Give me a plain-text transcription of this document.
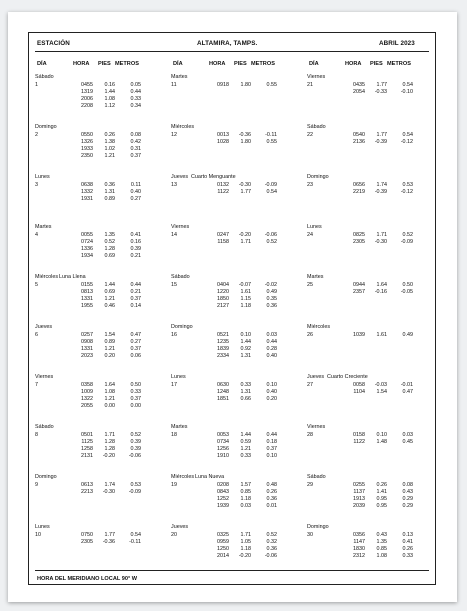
ESTACIÓN	ALTAMIRA, TAMPS.	ABRIL 2023
DÍA	HORA PIES METROS
Sábado
1	0455	0.16	0.05
1319	1.44	0.44
2006	1.08	0.33
2208	1.12	0.34
Domingo
2	0550	0.26	0.08
1326	1.38	0.42
1933	1.02	0.31
2350	1.21	0.37
Lunes
3	0638	0.36	0.11
1332	1.31	0.40
1931	0.89	0.27
Martes
4	0055	1.35	0.41
0724	0.52	0.16
1336	1.28	0.39
1934	0.69	0.21
Miércoles
5
Luna Llena
0155	1.44	0.44
0813	0.69	0.21
1331	1.21	0.37
1955	0.46	0.14
Jueves
6	0257	1.54	0.47
0908	0.89	0.27
1331	1.21	0.37
2023	0.20	0.06
Viernes
7	0358	1.64	0.50
1009	1.08	0.33
1322	1.21	0.37
2055	0.00	0.00
Sábado
8	0501	1.71	0.52
1125	1.28	0.39
1258	1.28	0.39
2131	-0.20	-0.06
Domingo
9	0613	1.74	0.53
2213	-0.30	-0.09
Lunes
10	0750	1.77	0.54
2305	-0.36	-0.11
DÍA	HORA PIES METROS
Martes
11	0918	1.80	0.55
Miércoles
12	0013	-0.36	-0.11
1028	1.80	0.55
Jueves
13
Cuarto Menguante
0132	-0.30	-0.09
1122	1.77	0.54
Viernes
14	0247	-0.20	-0.06
1158	1.71	0.52
Sábado
15	0404	-0.07	-0.02
1220	1.61	0.49
1850	1.15	0.35
2127	1.18	0.36
Domingo
16	0521	0.10	0.03
1235	1.44	0.44
1839	0.92	0.28
2334	1.31	0.40
Lunes
17	0630	0.33	0.10
1248	1.31	0.40
1851	0.66	0.20
Martes
18	0053	1.44	0.44
0734	0.59	0.18
1256	1.21	0.37
1910	0.33	0.10
Miércoles
19
Luna Nueva
0208	1.57	0.48
0843	0.85	0.26
1252	1.18	0.36
1939	0.03	0.01
Jueves
20	0325	1.71	0.52
0959	1.05	0.32
1250	1.18	0.36
2014	-0.20	-0.06
DÍA	HORA PIES METROS
Viernes
21	0435	1.77	0.54
2054	-0.33	-0.10
Sábado
22	0540	1.77	0.54
2136	-0.39	-0.12
Domingo
23	0656	1.74	0.53
2219	-0.39	-0.12
Lunes
24	0825	1.71	0.52
2305	-0.30	-0.09
Martes
25	0944	1.64	0.50
2357	-0.16	-0.05
Miércoles
26	1039	1.61	0.49
Jueves
27
Cuarto Creciente
0058	-0.03	-0.01
1104	1.54	0.47
Viernes
28	0158	0.10	0.03
1122	1.48	0.45
Sábado
29	0255	0.26	0.08
1137	1.41	0.43
1913	0.95	0.29
2039	0.95	0.29
Domingo
30	0356	0.43	0.13
1147	1.35	0.41
1830	0.85	0.26
2312	1.08	0.33
HORA DEL MERIDIANO LOCAL 90° W
